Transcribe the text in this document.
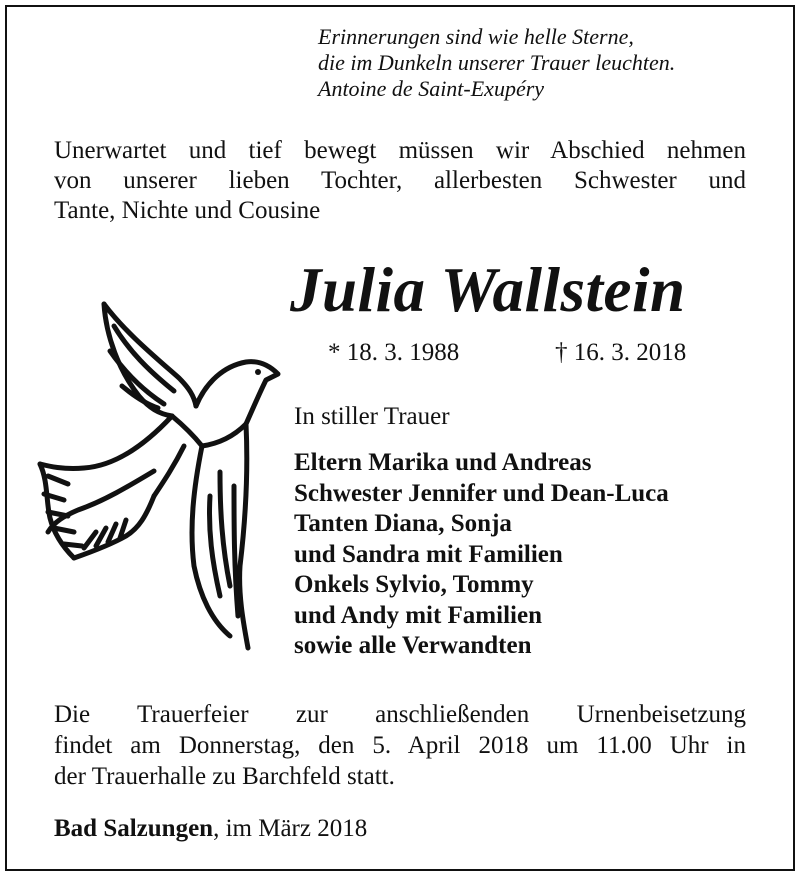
Erinnerungen sind wie helle Sterne,
die im Dunkeln unserer Trauer leuchten.
Antoine de Saint-Exupéry
Unerwartet und tief bewegt müssen wir Abschied nehmen
von unserer lieben Tochter, allerbesten Schwester und
Tante, Nichte und Cousine
Julia Wallstein
* 18. 3. 1988	† 16. 3. 2018
In stiller Trauer
Eltern Marika und Andreas
Schwester Jennifer und Dean-Luca
Tanten Diana, Sonja
und Sandra mit Familien
Onkels Sylvio, Tommy
und Andy mit Familien
sowie alle Verwandten
Die Trauerfeier zur anschließenden Urnenbeisetzung
findet am Donnerstag, den 5. April 2018 um 11.00 Uhr in
der Trauerhalle zu Barchfeld statt.
Bad Salzungen, im März 2018
